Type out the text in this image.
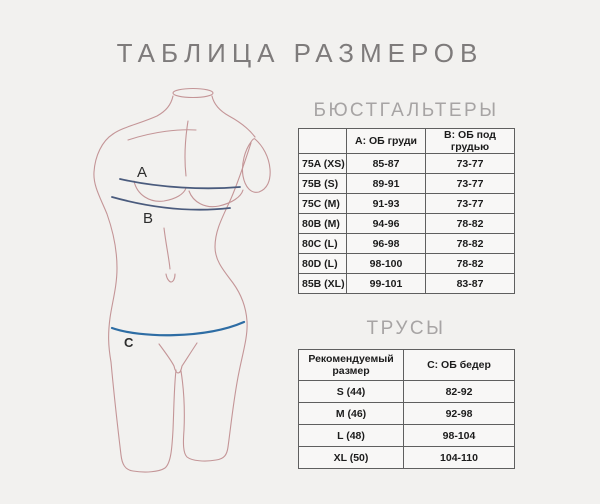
ТАБЛИЦА РАЗМЕРОВ
A
B
C
БЮСТГАЛЬТЕРЫ
	А: ОБ груди	В: ОБ под грудью
75A (XS)	85-87	73-77
75B (S)	89-91	73-77
75C (M)	91-93	73-77
80B (M)	94-96	78-82
80C (L)	96-98	78-82
80D (L)	98-100	78-82
85B (XL)	99-101	83-87
ТРУСЫ
Рекомендуемый размер	С: ОБ бедер
S (44)	82-92
M (46)	92-98
L (48)	98-104
XL (50)	104-110
